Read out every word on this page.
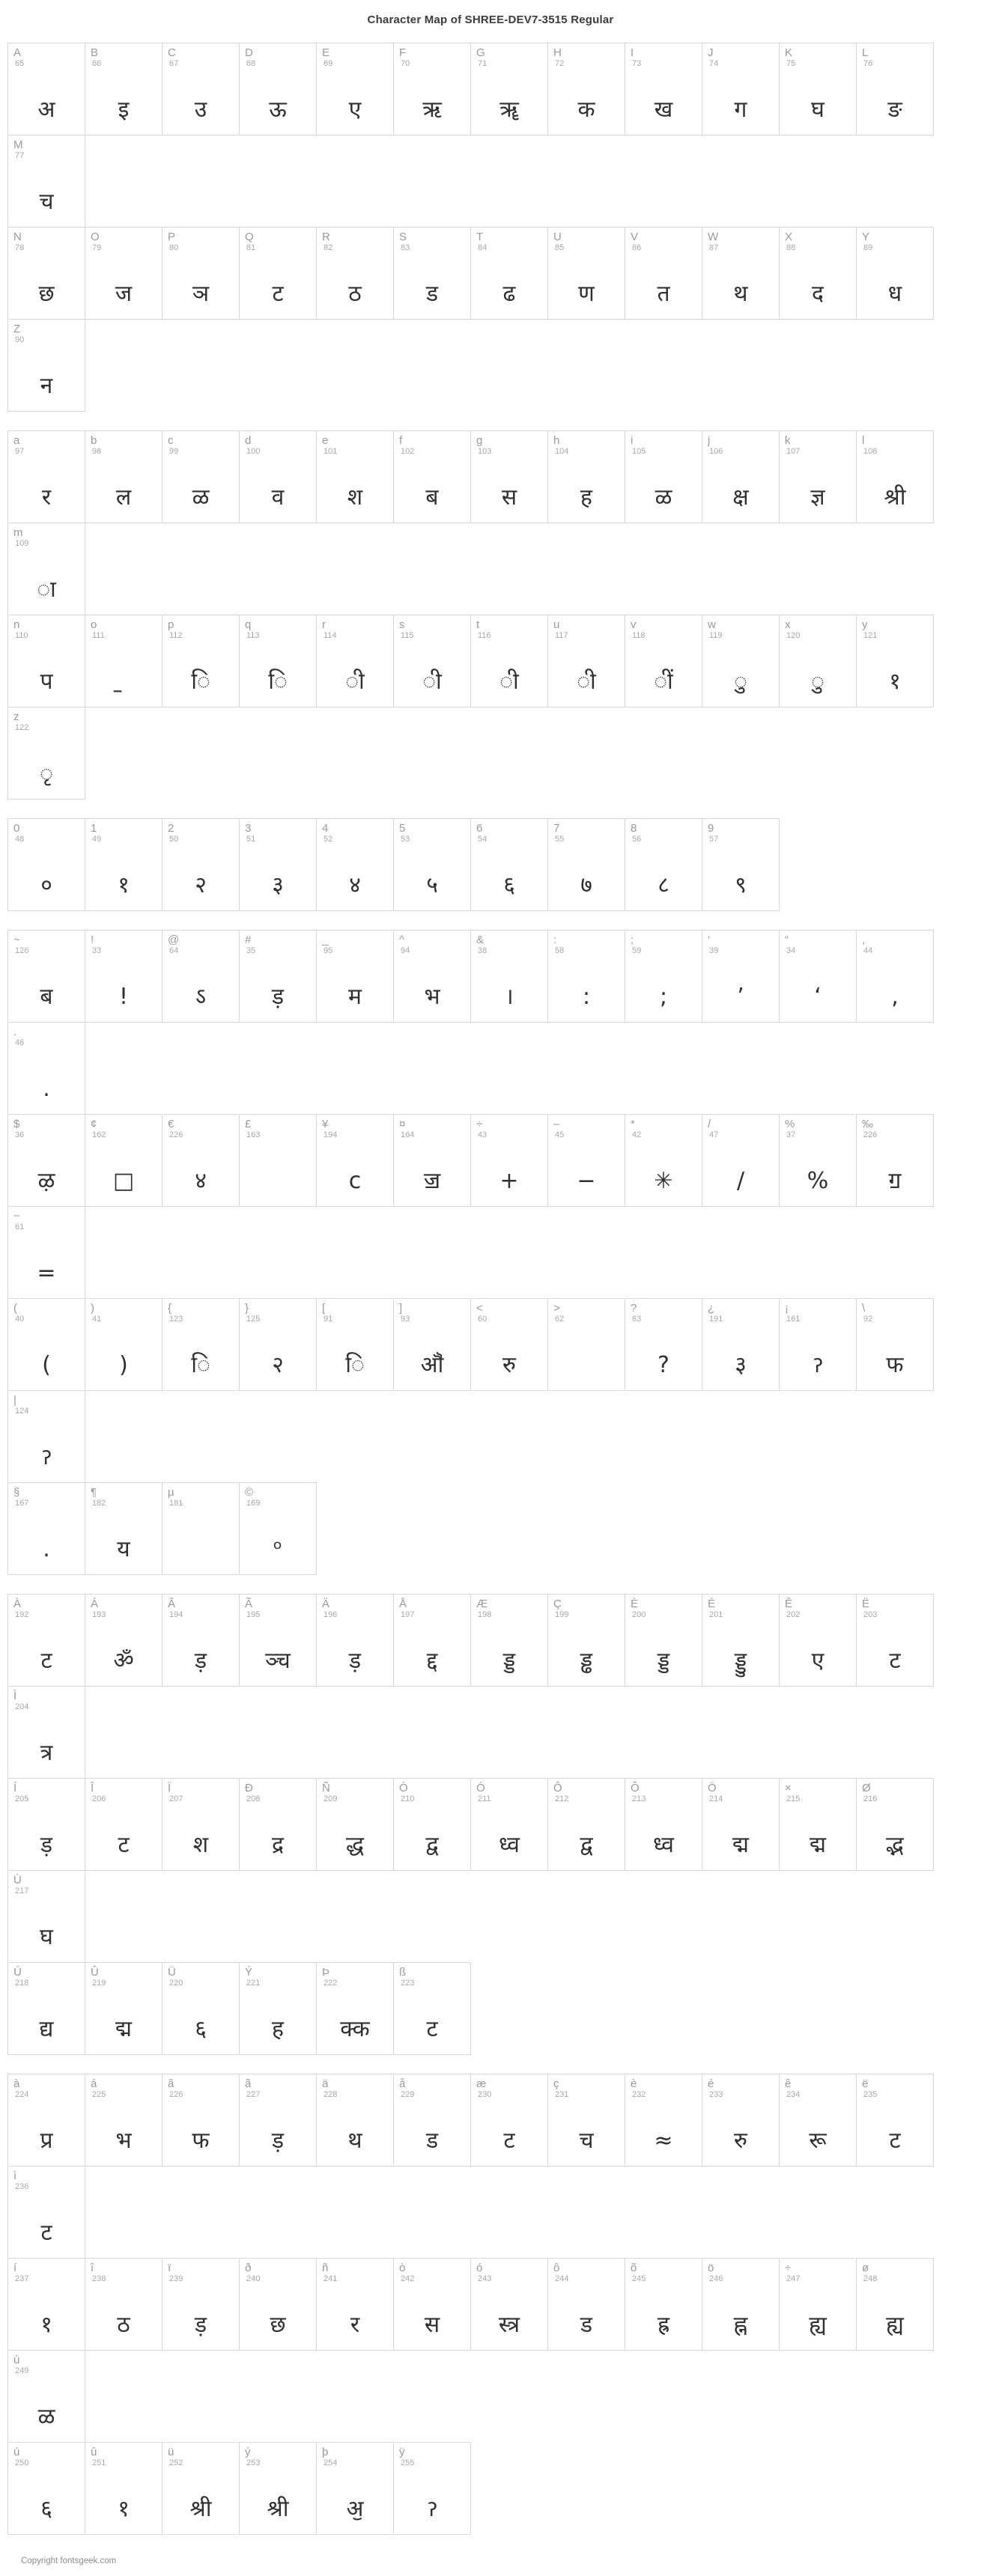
Character Map of SHREE-DEV7-3515 Regular
A
65
अ
B
66
इ
C
67
उ
D
68
ऊ
E
69
ए
F
70
ऋ
G
71
ॠ
H
72
क
I
73
ख
J
74
ग
K
75
घ
L
76
ङ
M
77
च
N
78
छ
O
79
ज
P
80
ञ
Q
81
ट
R
82
ठ
S
83
ड
T
84
ढ
U
85
ण
V
86
त
W
87
थ
X
88
द
Y
89
ध
Z
90
न
a
97
र
b
98
ल
c
99
ळ
d
100
व
e
101
श
f
102
ब
g
103
स
h
104
ह
i
105
ळ
j
106
क्ष
k
107
ज्ञ
l
108
श्री
m
109
ा
n
110
प
o
111
p
112
ि
q
113
ि
r
114
ी
s
115
ी
t
116
ी
u
117
ी
v
118
ीं
w
119
ु
x
120
ु
y
121
१
z
122
ृ
0
48
०
1
49
१
2
50
२
3
51
३
4
52
४
5
53
५
6
54
६
7
55
७
8
56
८
9
57
९
~
126
ब
!
33
!
@
64
ऽ
#
35
ड़
_
95
म
^
94
भ
&
38
।
:
58
:
;
59
;
‘
39
’
“
34
‘
,
44
,
.
46
.
$
36
ऴ
¢
162
□
€
226
४
£
163
¥
194
c
¤
164
ॼ
÷
43
+
–
45
−
*
42
✳
/
47
/
%
37
%
‰
226
ॻ
−
61
=
(
40
(
)
41
)
{
123
ि
}
125
२
[
91
ि
]
93
ॵ
<
60
रु
>
62
?
63
?
¿
191
३
¡
161
ॽ
\
92
फ
|
124
ॽ
§
167
.
¶
182
य
µ
181
©
169
ᵒ
À
192
ट
Á
193
ॐ
Â
194
ड़
Ã
195
ञ्च
Ä
196
ड़
Å
197
द्द
Æ
198
ड्ड
Ç
199
ड्ढ
È
200
ड्ड
É
201
ड्डु
Ê
202
ए
Ë
203
ट
Ì
204
त्र
Í
205
ड़
Î
206
ट
Ï
207
श
Ð
208
द्र
Ñ
209
द्ध
Ò
210
द्व
Ó
211
ध्व
Ô
212
द्व
Õ
213
ध्व
Ö
214
द्म
×
215
द्म
Ø
216
द्भ
Ù
217
घ
Ú
218
द्य
Û
219
द्म
Ü
220
६
Ý
221
ह
Þ
222
क्क
ß
223
ट
à
224
प्र
á
225
भ
â
226
फ
ã
227
ड़
ä
228
थ
å
229
ड
æ
230
ट
ç
231
च
è
232
≈
é
233
रु
ê
234
रू
ë
235
ट
ì
236
ट
í
237
१
î
238
ठ
ï
239
ड़
ð
240
छ
ñ
241
र
ò
242
स
ó
243
स्त्र
ô
244
ड
õ
245
ह्र
ö
246
ह्न
÷
247
ह्य
ø
248
ह्य
ù
249
ळ
ú
250
६
û
251
१
ü
252
श्री
ý
253
श्री
þ
254
ॶ
ÿ
255
ॽ
Copyright fontsgeek.com
